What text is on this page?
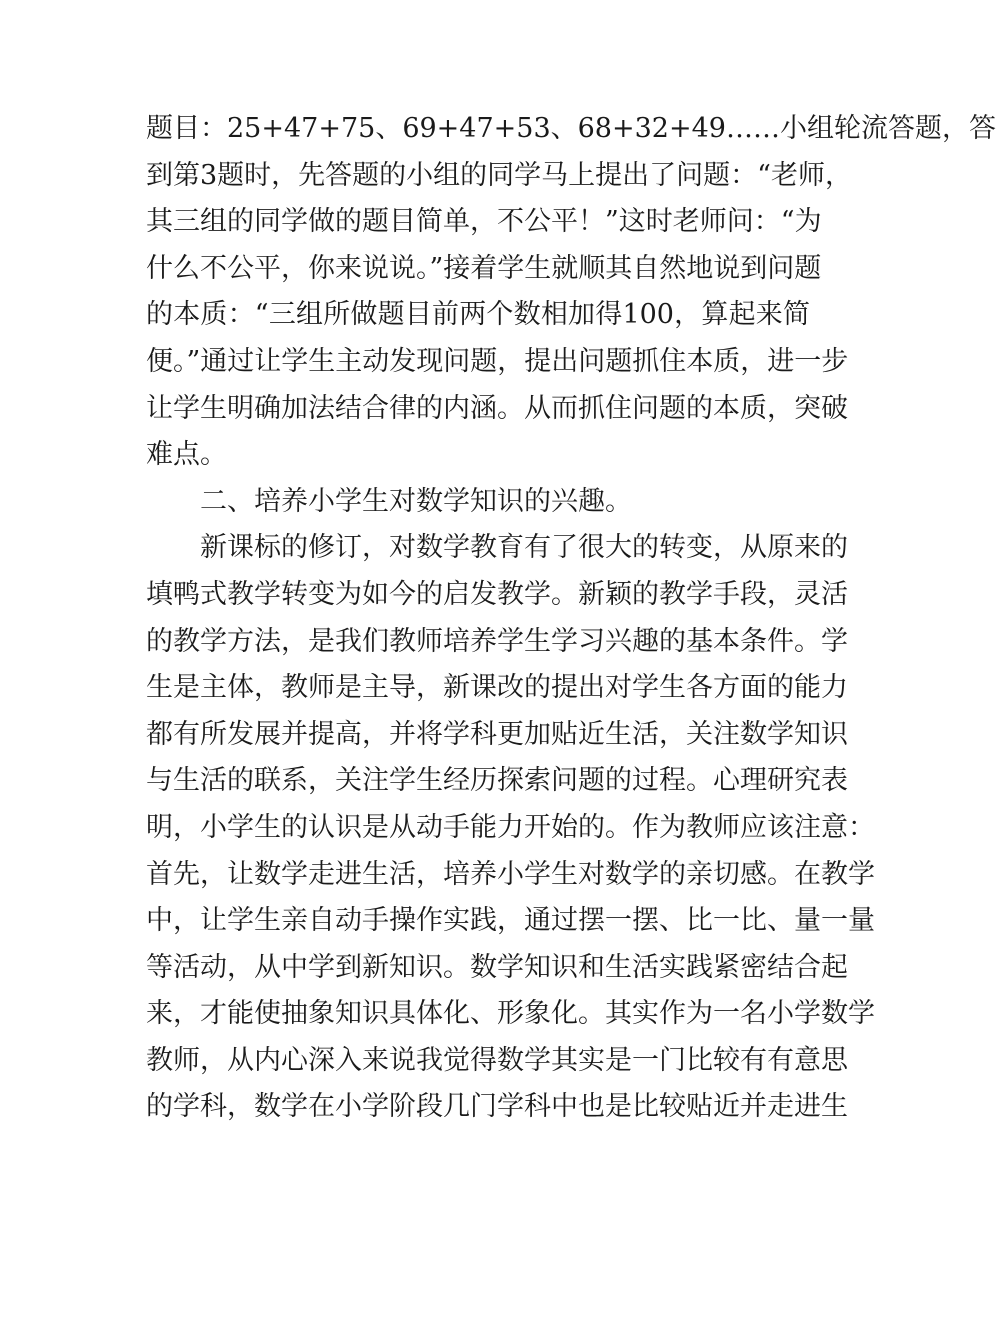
题目：25+47+75、69+47+53、68+32+49……小组轮流答题，答
到第3题时，先答题的小组的同学马上提出了问题：“老师，
其三组的同学做的题目简单，不公平！”这时老师问：“为
什么不公平，你来说说。”接着学生就顺其自然地说到问题
的本质：“三组所做题目前两个数相加得100，算起来简
便。”通过让学生主动发现问题，提出问题抓住本质，进一步
让学生明确加法结合律的内涵。从而抓住问题的本质，突破
难点。
二、培养小学生对数学知识的兴趣。
新课标的修订，对数学教育有了很大的转变，从原来的
填鸭式教学转变为如今的启发教学。新颖的教学手段，灵活
的教学方法，是我们教师培养学生学习兴趣的基本条件。学
生是主体，教师是主导，新课改的提出对学生各方面的能力
都有所发展并提高，并将学科更加贴近生活，关注数学知识
与生活的联系，关注学生经历探索问题的过程。心理研究表
明，小学生的认识是从动手能力开始的。作为教师应该注意：
首先，让数学走进生活，培养小学生对数学的亲切感。在教学
中，让学生亲自动手操作实践，通过摆一摆、比一比、量一量
等活动，从中学到新知识。数学知识和生活实践紧密结合起
来，才能使抽象知识具体化、形象化。其实作为一名小学数学
教师，从内心深入来说我觉得数学其实是一门比较有有意思
的学科，数学在小学阶段几门学科中也是比较贴近并走进生
